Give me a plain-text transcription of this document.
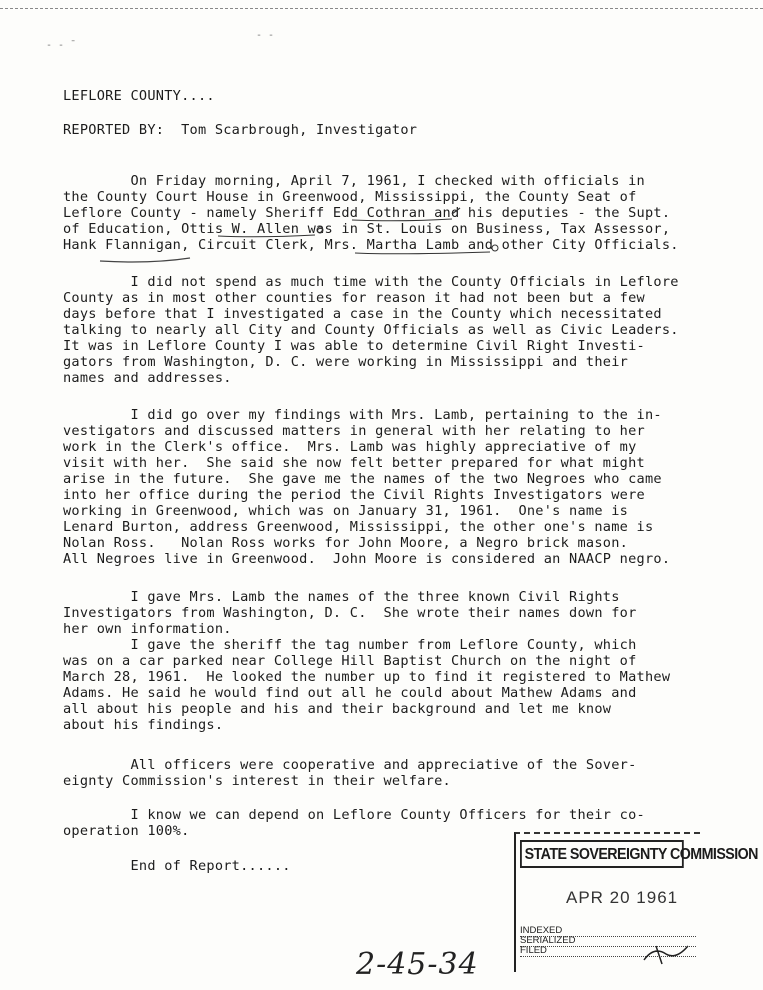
‐ ‐ ˉ
‐ ‐
LEFLORE COUNTY....
REPORTED BY:  Tom Scarbrough, Investigator
On Friday morning, April 7, 1961, I checked with officials in
the County Court House in Greenwood, Mississippi, the County Seat of
Leflore County - namely Sheriff Edd Cothran and his deputies - the Supt.
of Education, Ottis W. Allen was in St. Louis on Business, Tax Assessor,
Hank Flannigan, Circuit Clerk, Mrs. Martha Lamb and other City Officials.
I did not spend as much time with the County Officials in Leflore
County as in most other counties for reason it had not been but a few
days before that I investigated a case in the County which necessitated
talking to nearly all City and County Officials as well as Civic Leaders.
It was in Leflore County I was able to determine Civil Right Investi-
gators from Washington, D. C. were working in Mississippi and their
names and addresses.
I did go over my findings with Mrs. Lamb, pertaining to the in-
vestigators and discussed matters in general with her relating to her
work in the Clerk's office.  Mrs. Lamb was highly appreciative of my
visit with her.  She said she now felt better prepared for what might
arise in the future.  She gave me the names of the two Negroes who came
into her office during the period the Civil Rights Investigators were
working in Greenwood, which was on January 31, 1961.  One's name is
Lenard Burton, address Greenwood, Mississippi, the other one's name is
Nolan Ross.   Nolan Ross works for John Moore, a Negro brick mason.
All Negroes live in Greenwood.  John Moore is considered an NAACP negro.
I gave Mrs. Lamb the names of the three known Civil Rights
Investigators from Washington, D. C.  She wrote their names down for
her own information.
I gave the sheriff the tag number from Leflore County, which
was on a car parked near College Hill Baptist Church on the night of
March 28, 1961.  He looked the number up to find it registered to Mathew
Adams. He said he would find out all he could about Mathew Adams and
all about his people and his and their background and let me know
about his findings.
All officers were cooperative and appreciative of the Sover-
eignty Commission's interest in their welfare.
I know we can depend on Leflore County Officers for their co-
operation 100%.
End of Report......
STATE SOVEREIGNTY COMMISSION
APR 20 1961
INDEXED
SERIALIZED
FILED
2-45-34
